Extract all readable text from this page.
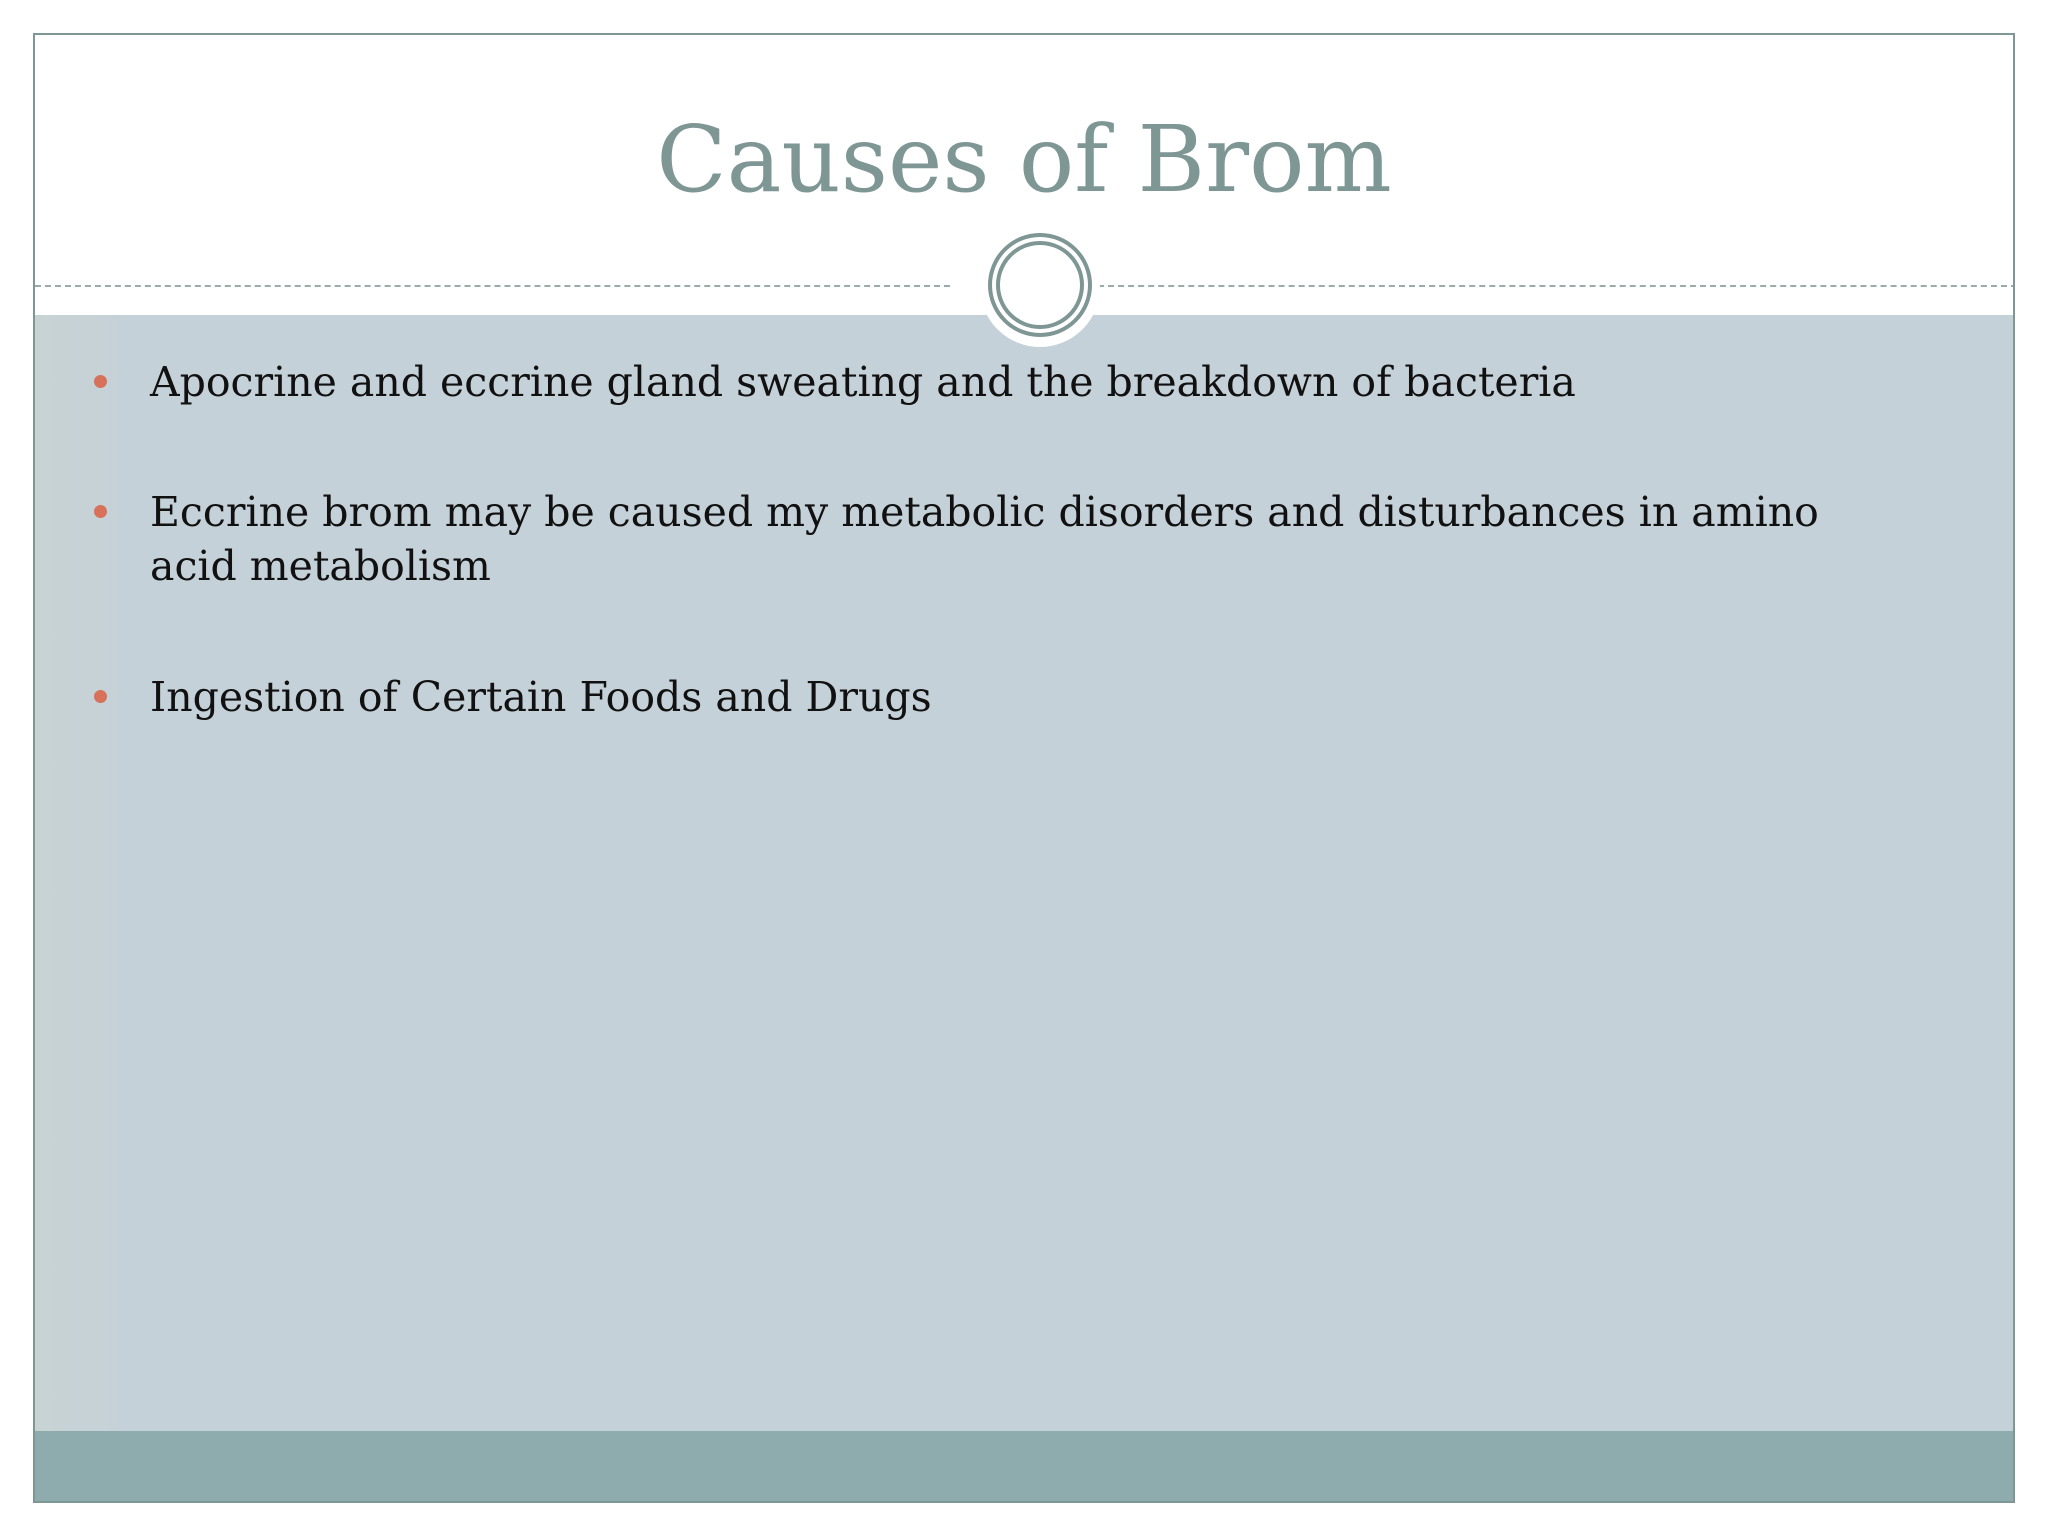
Causes of Brom
Apocrine and eccrine gland sweating and the breakdown of bacteria
Eccrine brom may be caused my metabolic disorders and disturbances in amino acid metabolism
Ingestion of Certain Foods and Drugs
